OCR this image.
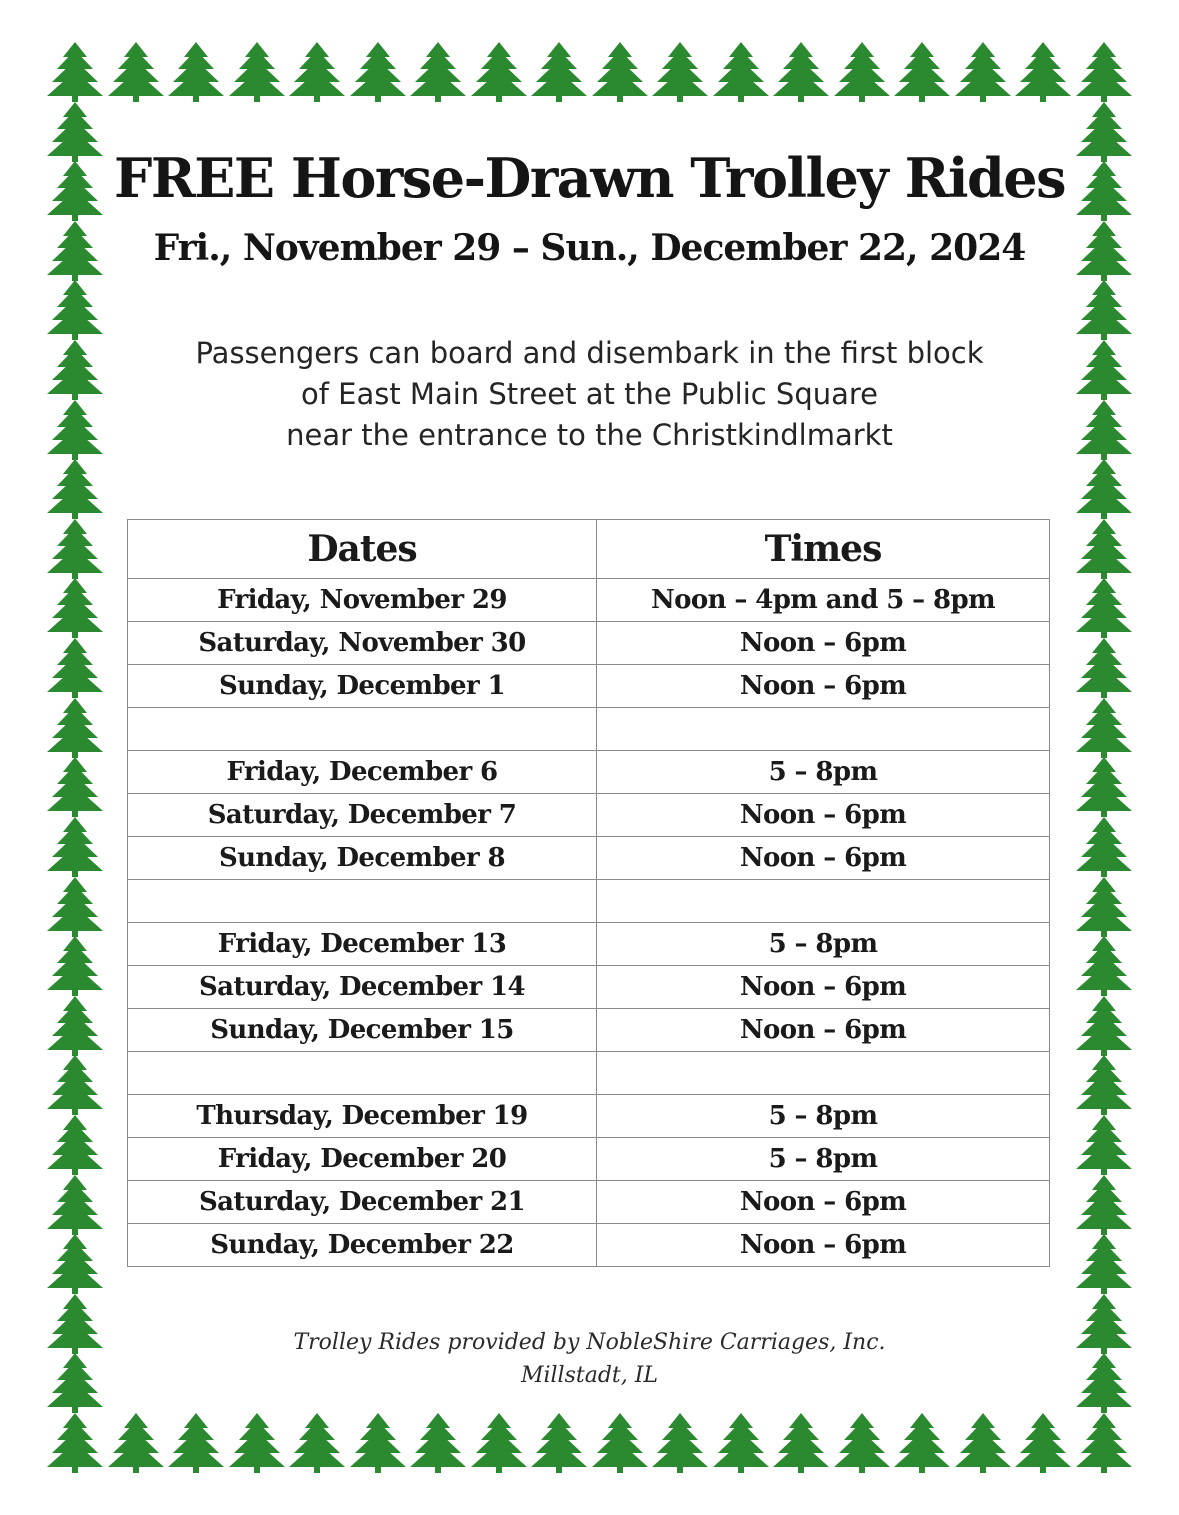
FREE Horse-Drawn Trolley Rides
Fri., November 29 – Sun., December 22, 2024
Passengers can board and disembark in the first block
of East Main Street at the Public Square
near the entrance to the Christkindlmarkt
Dates	Times
Friday, November 29	Noon – 4pm and 5 – 8pm
Saturday, November 30	Noon – 6pm
Sunday, December 1	Noon – 6pm

Friday, December 6	5 – 8pm
Saturday, December 7	Noon – 6pm
Sunday, December 8	Noon – 6pm

Friday, December 13	5 – 8pm
Saturday, December 14	Noon – 6pm
Sunday, December 15	Noon – 6pm

Thursday, December 19	5 – 8pm
Friday, December 20	5 – 8pm
Saturday, December 21	Noon – 6pm
Sunday, December 22	Noon – 6pm
Trolley Rides provided by NobleShire Carriages, Inc.
Millstadt, IL
